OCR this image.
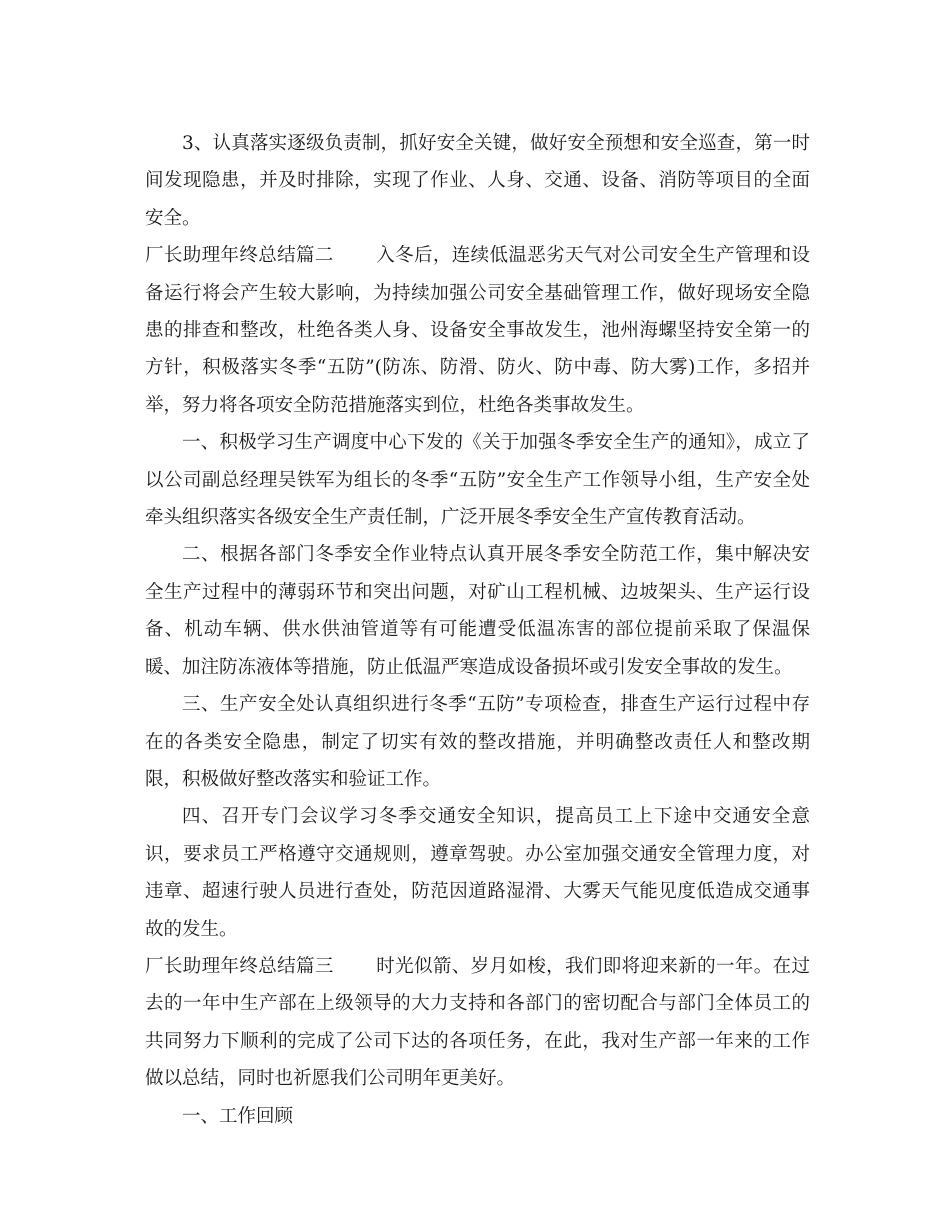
3、认真落实逐级负责制，抓好安全关键，做好安全预想和安全巡查，第一时间发现隐患，并及时排除，实现了作业、人身、交通、设备、消防等项目的全面安全。

厂长助理年终总结篇二 入冬后，连续低温恶劣天气对公司安全生产管理和设备运行将会产生较大影响，为持续加强公司安全基础管理工作，做好现场安全隐患的排查和整改，杜绝各类人身、设备安全事故发生，池州海螺坚持安全第一的方针，积极落实冬季“五防”(防冻、防滑、防火、防中毒、防大雾)工作，多招并举，努力将各项安全防范措施落实到位，杜绝各类事故发生。

一、积极学习生产调度中心下发的《关于加强冬季安全生产的通知》，成立了以公司副总经理吴铁军为组长的冬季“五防”安全生产工作领导小组，生产安全处牵头组织落实各级安全生产责任制，广泛开展冬季安全生产宣传教育活动。

二、根据各部门冬季安全作业特点认真开展冬季安全防范工作，集中解决安全生产过程中的薄弱环节和突出问题，对矿山工程机械、边坡架头、生产运行设备、机动车辆、供水供油管道等有可能遭受低温冻害的部位提前采取了保温保暖、加注防冻液体等措施，防止低温严寒造成设备损坏或引发安全事故的发生。

三、生产安全处认真组织进行冬季“五防”专项检查，排查生产运行过程中存在的各类安全隐患，制定了切实有效的整改措施，并明确整改责任人和整改期限，积极做好整改落实和验证工作。

四、召开专门会议学习冬季交通安全知识，提高员工上下途中交通安全意识，要求员工严格遵守交通规则，遵章驾驶。办公室加强交通安全管理力度，对违章、超速行驶人员进行查处，防范因道路湿滑、大雾天气能见度低造成交通事故的发生。

厂长助理年终总结篇三 时光似箭、岁月如梭，我们即将迎来新的一年。在过去的一年中生产部在上级领导的大力支持和各部门的密切配合与部门全体员工的共同努力下顺利的完成了公司下达的各项任务，在此，我对生产部一年来的工作做以总结，同时也祈愿我们公司明年更美好。

一、工作回顾
